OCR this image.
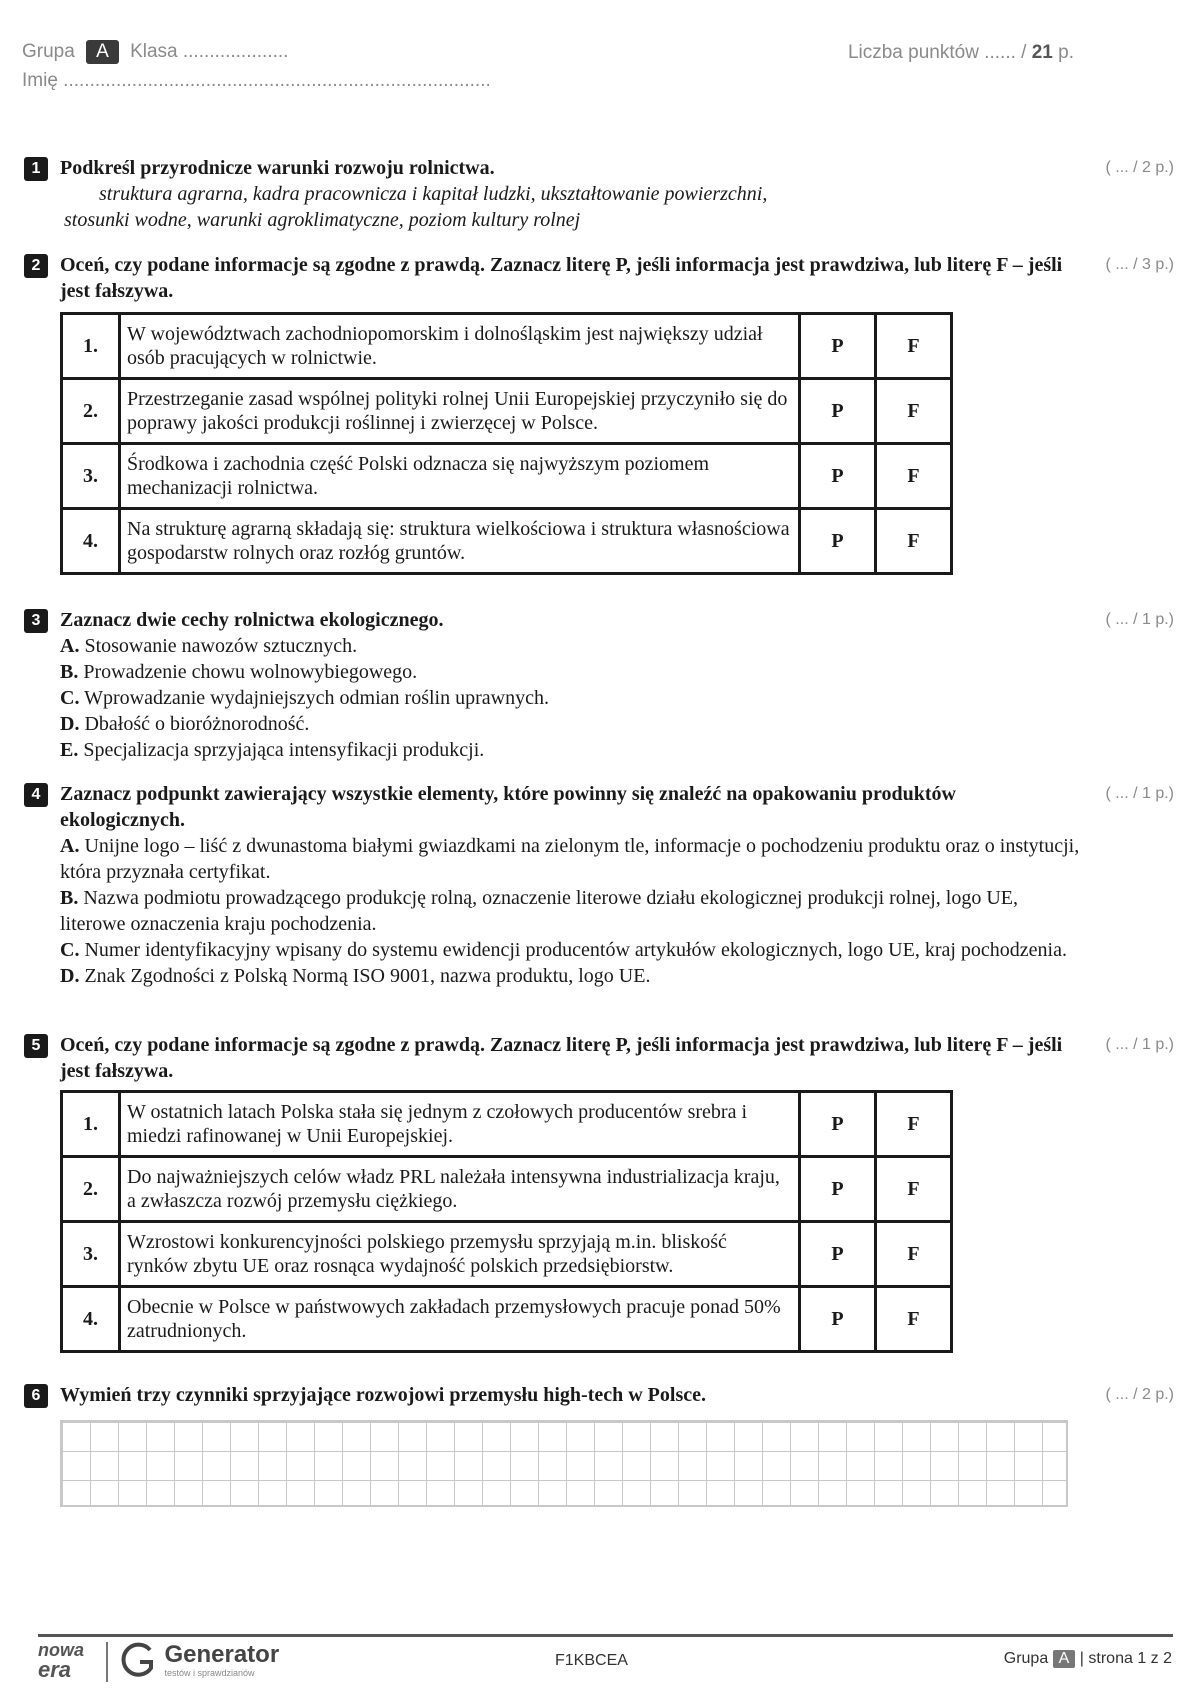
Grupa A Klasa ....................
Imię .................................................................................
Liczba punktów ...... / 21 p.
1 Podkreśl przyrodnicze warunki rozwoju rolnictwa.	( ... / 2 p.)
struktura agrarna, kadra pracownicza i kapitał ludzki, ukształtowanie powierzchni,
stosunki wodne, warunki agroklimatyczne, poziom kultury rolnej
2 Oceń, czy podane informacje są zgodne z prawdą. Zaznacz literę P, jeśli informacja jest prawdziwa, lub literę F – jeśli jest fałszywa.
( ... / 3 p.)
1.	W województwach zachodniopomorskim i dolnośląskim jest największy udział osób pracujących w rolnictwie.	P	F
2.	Przestrzeganie zasad wspólnej polityki rolnej Unii Europejskiej przyczyniło się do poprawy jakości produkcji roślinnej i zwierzęcej w Polsce.	P	F
3.	Środkowa i zachodnia część Polski odznacza się najwyższym poziomem mechanizacji rolnictwa.	P	F
4.	Na strukturę agrarną składają się: struktura wielkościowa i struktura własnościowa gospodarstw rolnych oraz rozłóg gruntów.	P	F
3 Zaznacz dwie cechy rolnictwa ekologicznego.	( ... / 1 p.)
A. Stosowanie nawozów sztucznych.
B. Prowadzenie chowu wolnowybiegowego.
C. Wprowadzanie wydajniejszych odmian roślin uprawnych.
D. Dbałość o bioróżnorodność.
E. Specjalizacja sprzyjająca intensyfikacji produkcji.
4 Zaznacz podpunkt zawierający wszystkie elementy, które powinny się znaleźć na opakowaniu produktów ekologicznych.
( ... / 1 p.)
A. Unijne logo – liść z dwunastoma białymi gwiazdkami na zielonym tle, informacje o pochodzeniu produktu oraz o instytucji, która przyznała certyfikat.
B. Nazwa podmiotu prowadzącego produkcję rolną, oznaczenie literowe działu ekologicznej produkcji rolnej, logo UE, literowe oznaczenia kraju pochodzenia.
C. Numer identyfikacyjny wpisany do systemu ewidencji producentów artykułów ekologicznych, logo UE, kraj pochodzenia.
D. Znak Zgodności z Polską Normą ISO 9001, nazwa produktu, logo UE.
5 Oceń, czy podane informacje są zgodne z prawdą. Zaznacz literę P, jeśli informacja jest prawdziwa, lub literę F – jeśli jest fałszywa.
( ... / 1 p.)
1.	W ostatnich latach Polska stała się jednym z czołowych producentów srebra i miedzi rafinowanej w Unii Europejskiej.	P	F
2.	Do najważniejszych celów władz PRL należała intensywna industrializacja kraju, a zwłaszcza rozwój przemysłu ciężkiego.	P	F
3.	Wzrostowi konkurencyjności polskiego przemysłu sprzyjają m.in. bliskość rynków zbytu UE oraz rosnąca wydajność polskich przedsiębiorstw.	P	F
4.	Obecnie w Polsce w państwowych zakładach przemysłowych pracuje ponad 50% zatrudnionych.	P	F
6 Wymień trzy czynniki sprzyjające rozwojowi przemysłu high-tech w Polsce.	( ... / 2 p.)
nowa
era

Generator
testów i sprawdzianów
F1KBCEA	Grupa A | strona 1 z 2
